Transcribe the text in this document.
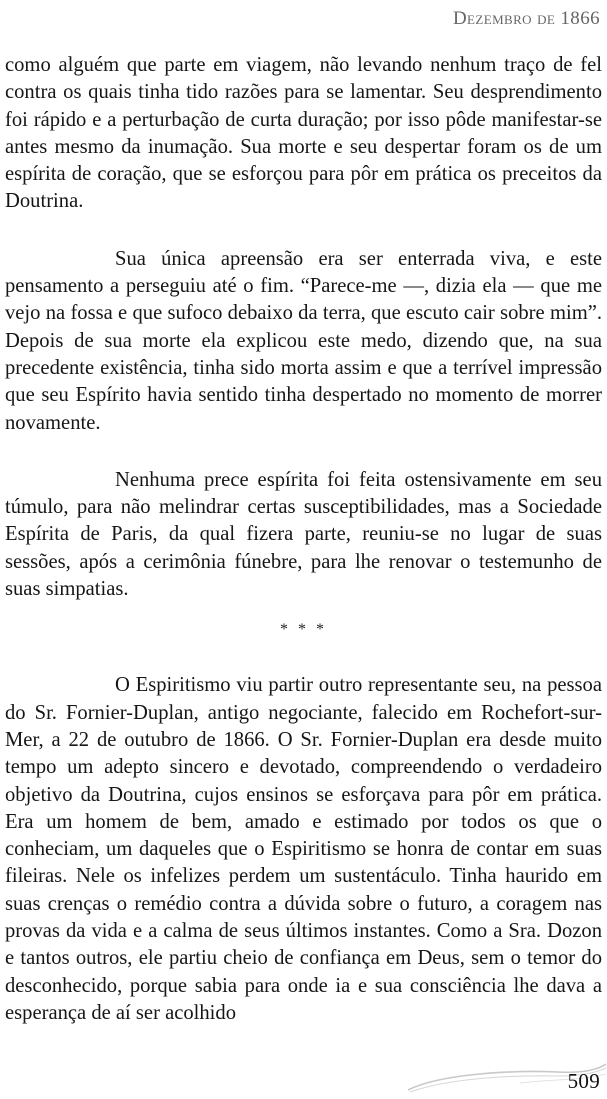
Dezembro de 1866

como alguém que parte em viagem, não levando nenhum traço de fel contra os quais tinha tido razões para se lamentar. Seu desprendimento foi rápido e a perturbação de curta duração; por isso pôde manifestar-se antes mesmo da inumação. Sua morte e seu despertar foram os de um espírita de coração, que se esforçou para pôr em prática os preceitos da Doutrina.

Sua única apreensão era ser enterrada viva, e este pensamento a perseguiu até o fim. “Parece-me —, dizia ela — que me vejo na fossa e que sufoco debaixo da terra, que escuto cair sobre mim”. Depois de sua morte ela explicou este medo, dizendo que, na sua precedente existência, tinha sido morta assim e que a terrível impressão que seu Espírito havia sentido tinha despertado no momento de morrer novamente.

Nenhuma prece espírita foi feita ostensivamente em seu túmulo, para não melindrar certas susceptibilidades, mas a Sociedade Espírita de Paris, da qual fizera parte, reuniu-se no lugar de suas sessões, após a cerimônia fúnebre, para lhe renovar o testemunho de suas simpatias.

* * *

O Espiritismo viu partir outro representante seu, na pessoa do Sr. Fornier-Duplan, antigo negociante, falecido em Rochefort-sur-Mer, a 22 de outubro de 1866. O Sr. Fornier-Duplan era desde muito tempo um adepto sincero e devotado, compreendendo o verdadeiro objetivo da Doutrina, cujos ensinos se esforçava para pôr em prática. Era um homem de bem, amado e estimado por todos os que o conheciam, um daqueles que o Espiritismo se honra de contar em suas fileiras. Nele os infelizes perdem um sustentáculo. Tinha haurido em suas crenças o remédio contra a dúvida sobre o futuro, a coragem nas provas da vida e a calma de seus últimos instantes. Como a Sra. Dozon e tantos outros, ele partiu cheio de confiança em Deus, sem o temor do desconhecido, porque sabia para onde ia e sua consciência lhe dava a esperança de aí ser acolhido

509
